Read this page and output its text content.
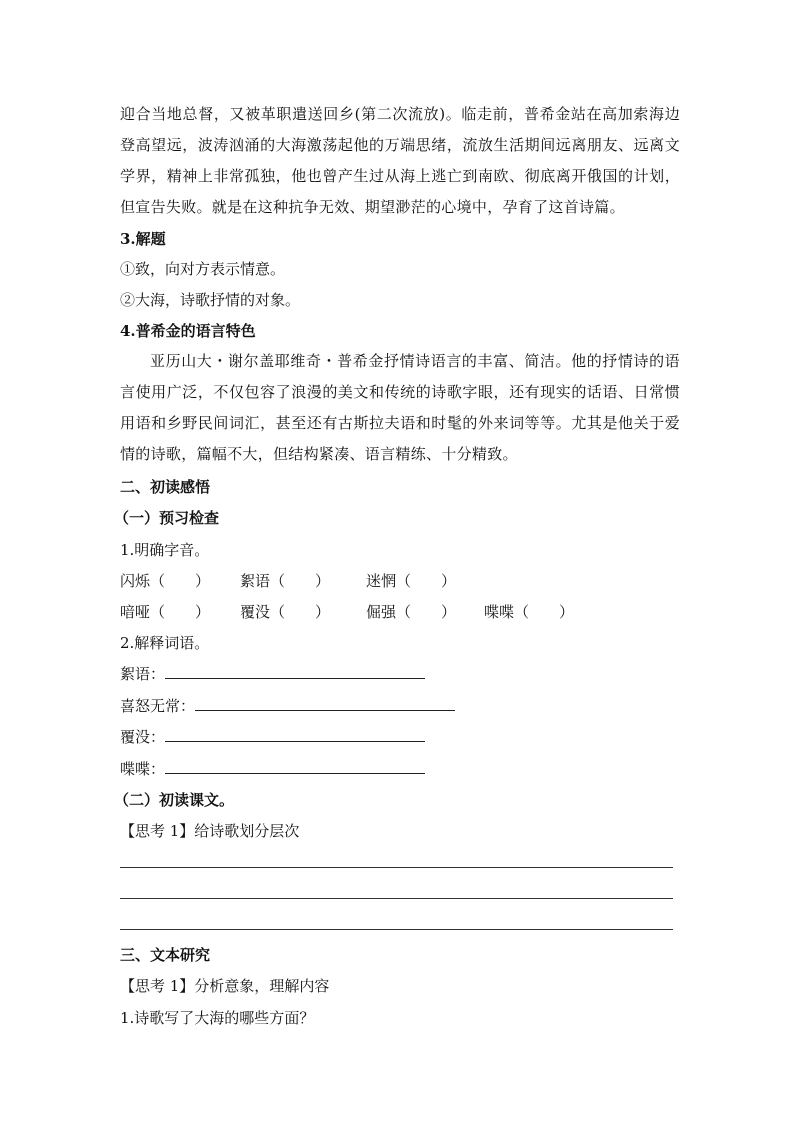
迎合当地总督，又被革职遣送回乡(第二次流放)。临走前，普希金站在高加索海边登高望远，波涛汹涌的大海激荡起他的万端思绪，流放生活期间远离朋友、远离文学界，精神上非常孤独，他也曾产生过从海上逃亡到南欧、彻底离开俄国的计划，但宣告失败。就是在这种抗争无效、期望渺茫的心境中，孕育了这首诗篇。
3.解题
①致，向对方表示情意。
②大海，诗歌抒情的对象。
4.普希金的语言特色
亚历山大・谢尔盖耶维奇・普希金抒情诗语言的丰富、简洁。他的抒情诗的语言使用广泛，不仅包容了浪漫的美文和传统的诗歌字眼，还有现实的话语、日常惯用语和乡野民间词汇，甚至还有古斯拉夫语和时髦的外来词等等。尤其是他关于爱情的诗歌，篇幅不大，但结构紧凑、语言精练、十分精致。
二、初读感悟
（一）预习检查
1.明确字音。
闪烁（　　） 絮语（　　） 迷惘（　　）
喑哑（　　） 覆没（　　） 倔强（　　） 喋喋（　　）
2.解释词语。
絮语：
喜怒无常：
覆没：
喋喋：
（二）初读课文。
【思考 1】给诗歌划分层次
三、文本研究
【思考 1】分析意象，理解内容
1.诗歌写了大海的哪些方面？
